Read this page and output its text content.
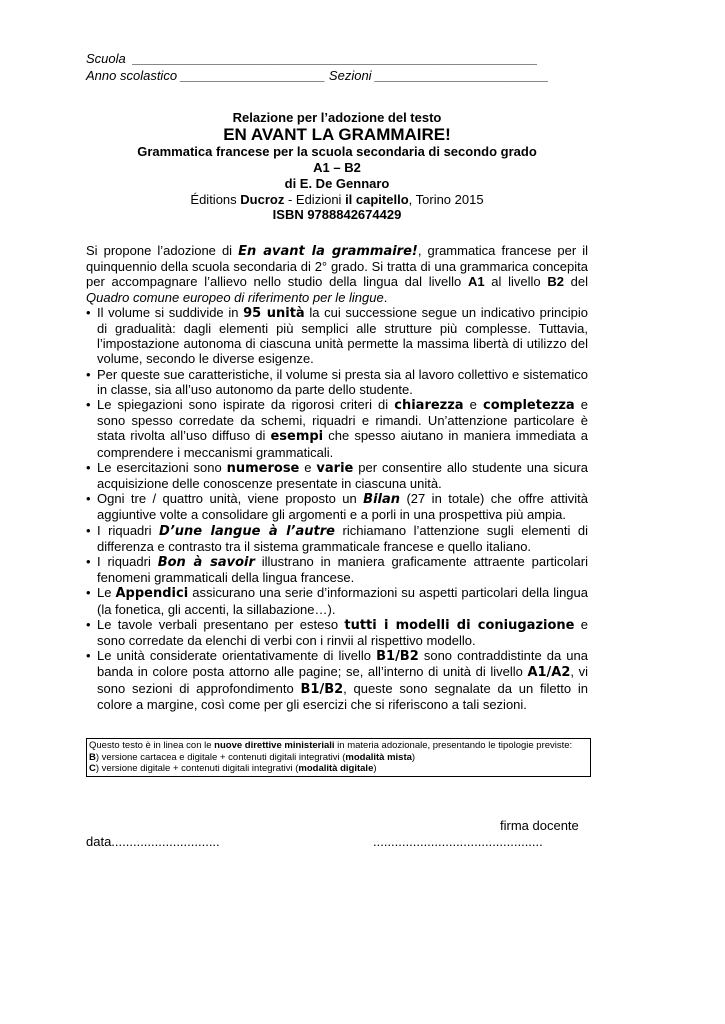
Scuola ________________________________________________________
Anno scolastico ____________________ Sezioni ________________________
Relazione per l’adozione del testo
EN AVANT LA GRAMMAIRE!
Grammatica francese per la scuola secondaria di secondo grado
A1 – B2
di E. De Gennaro
Éditions Ducroz - Edizioni il capitello, Torino 2015
ISBN 9788842674429
Si propone l’adozione di En avant la grammaire!, grammatica francese per il quinquennio della scuola secondaria di 2° grado. Si tratta di una grammarica concepita per accompagnare l’allievo nello studio della lingua dal livello A1 al livello B2 del Quadro comune europeo di riferimento per le lingue.
• Il volume si suddivide in 95 unità la cui successione segue un indicativo principio di gradualità: dagli elementi più semplici alle strutture più complesse. Tuttavia, l’impostazione autonoma di ciascuna unità permette la massima libertà di utilizzo del volume, secondo le diverse esigenze.
• Per queste sue caratteristiche, il volume si presta sia al lavoro collettivo e sistematico in classe, sia all’uso autonomo da parte dello studente.
• Le spiegazioni sono ispirate da rigorosi criteri di chiarezza e completezza e sono spesso corredate da schemi, riquadri e rimandi. Un’attenzione particolare è stata rivolta all’uso diffuso di esempi che spesso aiutano in maniera immediata a comprendere i meccanismi grammaticali.
• Le esercitazioni sono numerose e varie per consentire allo studente una sicura acquisizione delle conoscenze presentate in ciascuna unità.
• Ogni tre / quattro unità, viene proposto un Bilan (27 in totale) che offre attività aggiuntive volte a consolidare gli argomenti e a porli in una prospettiva più ampia.
• I riquadri D’une langue à l’autre richiamano l’attenzione sugli elementi di differenza e contrasto tra il sistema grammaticale francese e quello italiano.
• I riquadri Bon à savoir illustrano in maniera graficamente attraente particolari fenomeni grammaticali della lingua francese.
• Le Appendici assicurano una serie d’informazioni su aspetti particolari della lingua (la fonetica, gli accenti, la sillabazione…).
• Le tavole verbali presentano per esteso tutti i modelli di coniugazione e sono corredate da elenchi di verbi con i rinvii al rispettivo modello.
• Le unità considerate orientativamente di livello B1/B2 sono contraddistinte da una banda in colore posta attorno alle pagine; se, all’interno di unità di livello A1/A2, vi sono sezioni di approfondimento B1/B2, queste sono segnalate da un filetto in colore a margine, così come per gli esercizi che si riferiscono a tali sezioni.
Questo testo è in linea con le nuove direttive ministeriali in materia adozionale, presentando le tipologie previste:
B) versione cartacea e digitale + contenuti digitali integrativi (modalità mista)
C) versione digitale + contenuti digitali integrativi (modalità digitale)
firma docente
data..............................	...............................................
